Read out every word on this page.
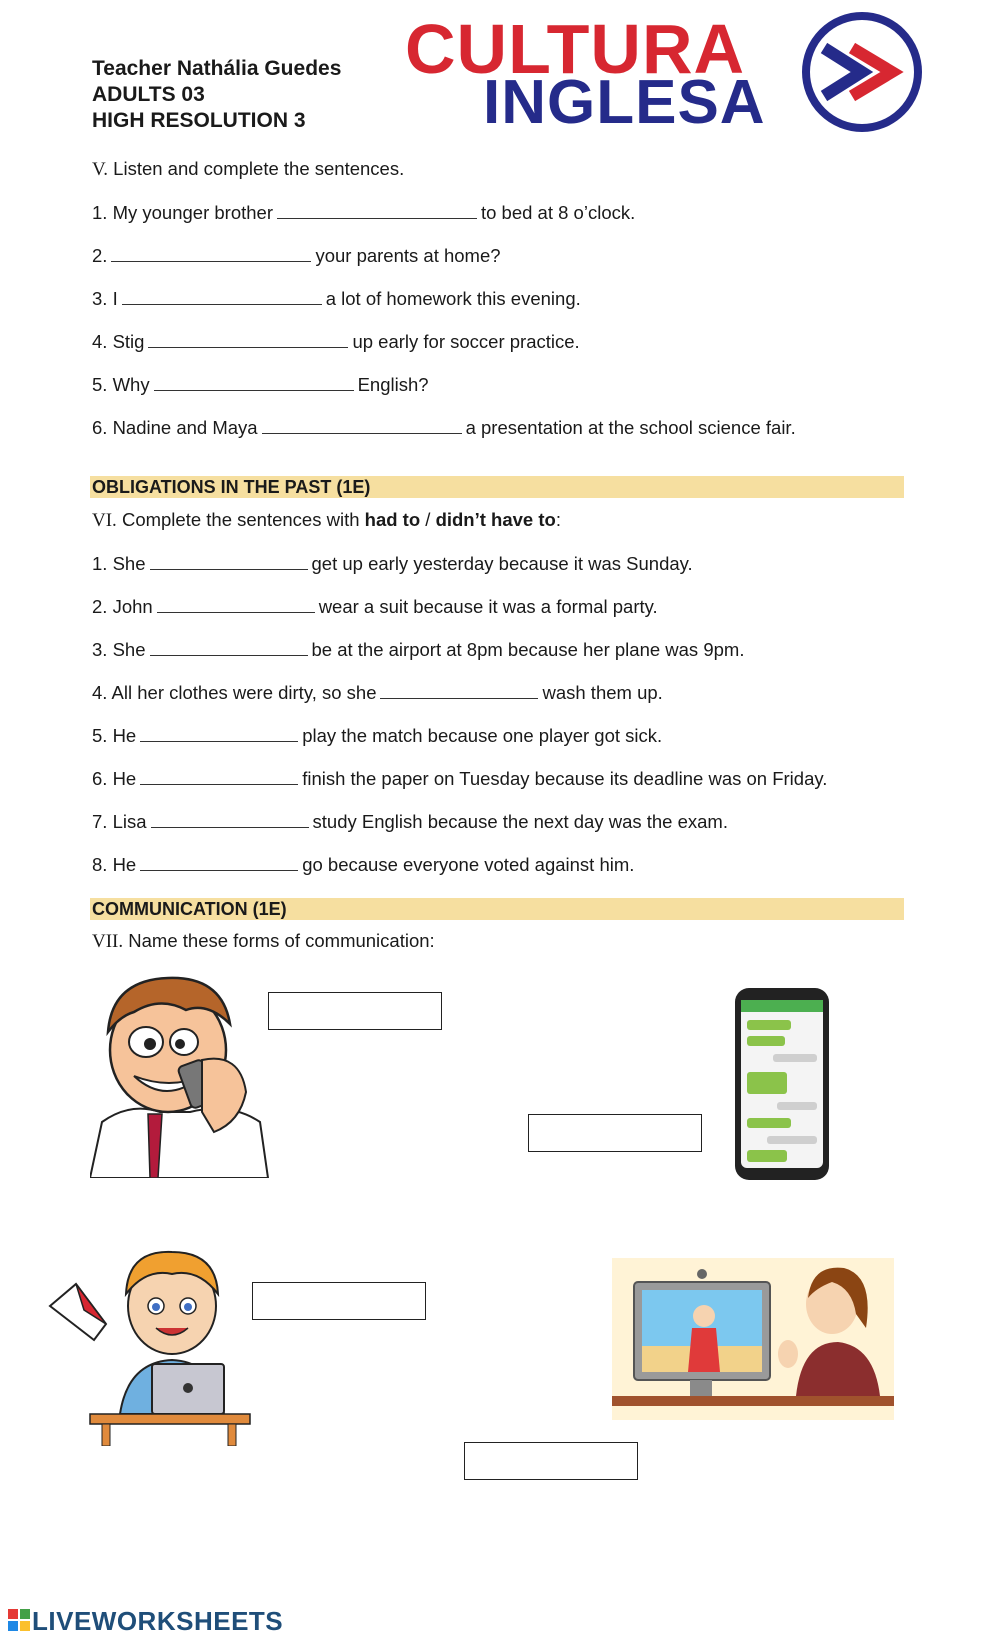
Teacher Nathália Guedes
ADULTS 03
HIGH RESOLUTION 3
CULTURA
INGLESA
V. Listen and complete the sentences.
1. My younger brother	to bed at 8 o’clock.
2.	your parents at home?
3. I	a lot of homework this evening.
4. Stig	up early for soccer practice.
5. Why	English?
6. Nadine and Maya	a presentation at the school science fair.
OBLIGATIONS IN THE PAST (1E)
VI. Complete the sentences with had to / didn’t have to:
1. She	get up early yesterday because it was Sunday.
2. John	wear a suit because it was a formal party.
3. She	be at the airport at 8pm because her plane was 9pm.
4. All her clothes were dirty, so she	wash them up.
5. He	play the match because one player got sick.
6. He	finish the paper on Tuesday because its deadline was on Friday.
7. Lisa	study English because the next day was the exam.
8. He	go because everyone voted against him.
COMMUNICATION (1E)
VII. Name these forms of communication:
LIVEWORKSHEETS
